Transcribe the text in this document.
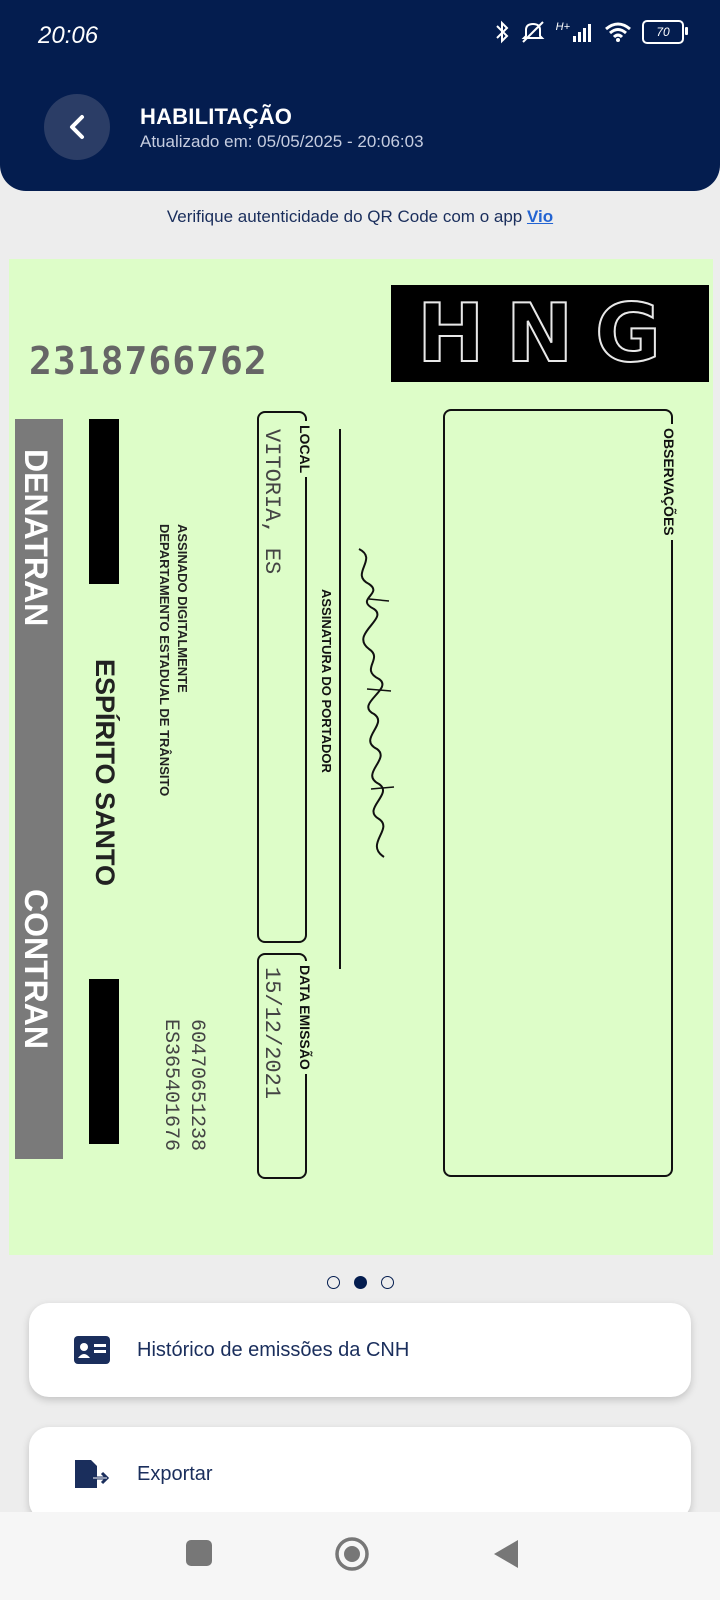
20:06	H+	70
HABILITAÇÃO
Atualizado em: 05/05/2025 - 20:06:03
Verifique autenticidade do QR Code com o app Vio
2318766762 HNG
DENATRAN
CONTRAN
ESPÍRITO SANTO
ASSINADO DIGITALMENTE
DEPARTAMENTO ESTADUAL DE TRÂNSITO
60470651238
ES365401676
LOCAL
VITORIA, ES
DATA EMISSÃO
15/12/2021
ASSINATURA DO PORTADOR
OBSERVAÇÕES
Histórico de emissões da CNH
Exportar
